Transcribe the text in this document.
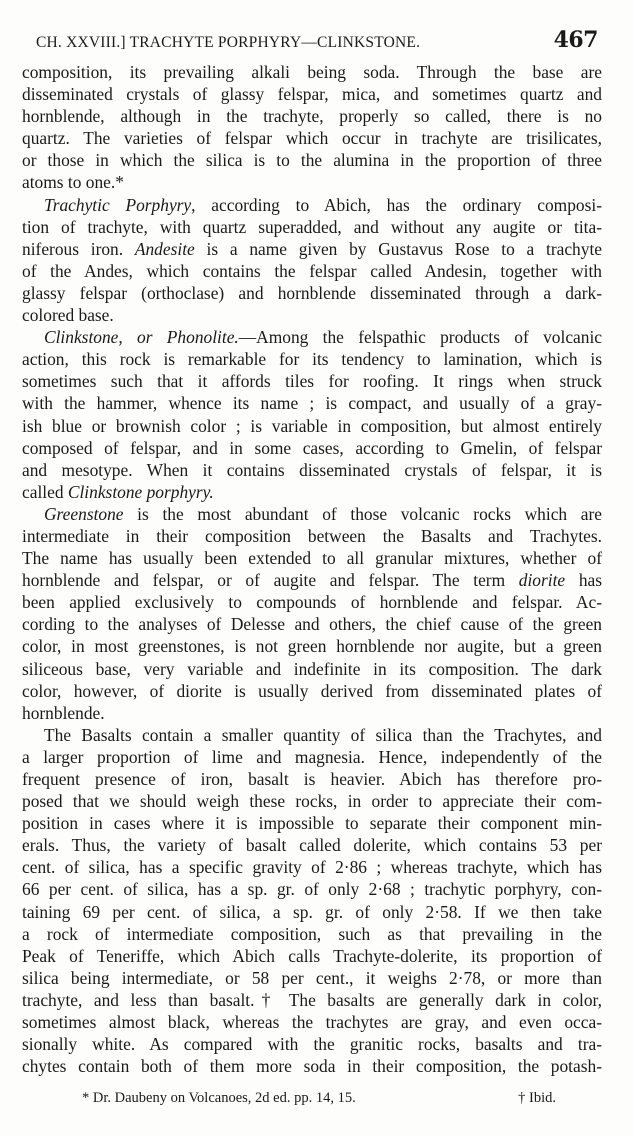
CH. XXVIII.] TRACHYTE PORPHYRY—CLINKSTONE.	467
composition, its prevailing alkali being soda. Through the base are
disseminated crystals of glassy felspar, mica, and sometimes quartz and
hornblende, although in the trachyte, properly so called, there is no
quartz. The varieties of felspar which occur in trachyte are trisilicates,
or those in which the silica is to the alumina in the proportion of three
atoms to one.*
Trachytic Porphyry, according to Abich, has the ordinary composi-
tion of trachyte, with quartz superadded, and without any augite or tita-
niferous iron. Andesite is a name given by Gustavus Rose to a trachyte
of the Andes, which contains the felspar called Andesin, together with
glassy felspar (orthoclase) and hornblende disseminated through a dark-
colored base.
Clinkstone, or Phonolite.—Among the felspathic products of volcanic
action, this rock is remarkable for its tendency to lamination, which is
sometimes such that it affords tiles for roofing. It rings when struck
with the hammer, whence its name ; is compact, and usually of a gray-
ish blue or brownish color ; is variable in composition, but almost entirely
composed of felspar, and in some cases, according to Gmelin, of felspar
and mesotype. When it contains disseminated crystals of felspar, it is
called Clinkstone porphyry.
Greenstone is the most abundant of those volcanic rocks which are
intermediate in their composition between the Basalts and Trachytes.
The name has usually been extended to all granular mixtures, whether of
hornblende and felspar, or of augite and felspar. The term diorite has
been applied exclusively to compounds of hornblende and felspar. Ac-
cording to the analyses of Delesse and others, the chief cause of the green
color, in most greenstones, is not green hornblende nor augite, but a green
siliceous base, very variable and indefinite in its composition. The dark
color, however, of diorite is usually derived from disseminated plates of
hornblende.
The Basalts contain a smaller quantity of silica than the Trachytes, and
a larger proportion of lime and magnesia. Hence, independently of the
frequent presence of iron, basalt is heavier. Abich has therefore pro-
posed that we should weigh these rocks, in order to appreciate their com-
position in cases where it is impossible to separate their component min-
erals. Thus, the variety of basalt called dolerite, which contains 53 per
cent. of silica, has a specific gravity of 2·86 ; whereas trachyte, which has
66 per cent. of silica, has a sp. gr. of only 2·68 ; trachytic porphyry, con-
taining 69 per cent. of silica, a sp. gr. of only 2·58. If we then take
a rock of intermediate composition, such as that prevailing in the
Peak of Teneriffe, which Abich calls Trachyte-dolerite, its proportion of
silica being intermediate, or 58 per cent., it weighs 2·78, or more than
trachyte, and less than basalt.† The basalts are generally dark in color,
sometimes almost black, whereas the trachytes are gray, and even occa-
sionally white. As compared with the granitic rocks, basalts and tra-
chytes contain both of them more soda in their composition, the potash-
* Dr. Daubeny on Volcanoes, 2d ed. pp. 14, 15.	† Ibid.
